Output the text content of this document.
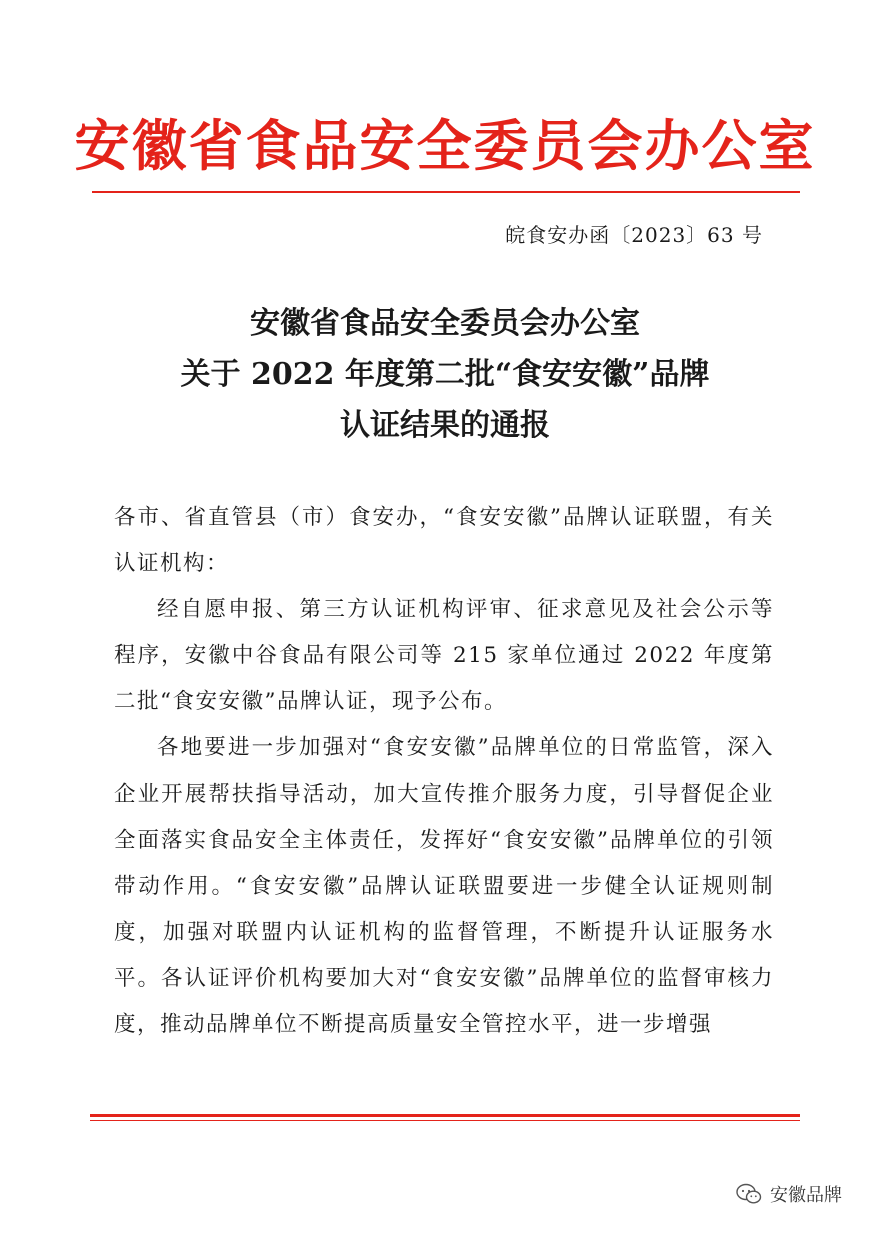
安徽省食品安全委员会办公室
皖食安办函〔2023〕63 号
安徽省食品安全委员会办公室
关于 2022 年度第二批“食安安徽”品牌
认证结果的通报

各市、省直管县（市）食安办，“食安安徽”品牌认证联盟，有关认证机构：

经自愿申报、第三方认证机构评审、征求意见及社会公示等程序，安徽中谷食品有限公司等 215 家单位通过 2022 年度第二批“食安安徽”品牌认证，现予公布。

各地要进一步加强对“食安安徽”品牌单位的日常监管，深入企业开展帮扶指导活动，加大宣传推介服务力度，引导督促企业全面落实食品安全主体责任，发挥好“食安安徽”品牌单位的引领带动作用。“食安安徽”品牌认证联盟要进一步健全认证规则制度，加强对联盟内认证机构的监督管理，不断提升认证服务水平。各认证评价机构要加大对“食安安徽”品牌单位的监督审核力度，推动品牌单位不断提高质量安全管控水平，进一步增强

安徽品牌
